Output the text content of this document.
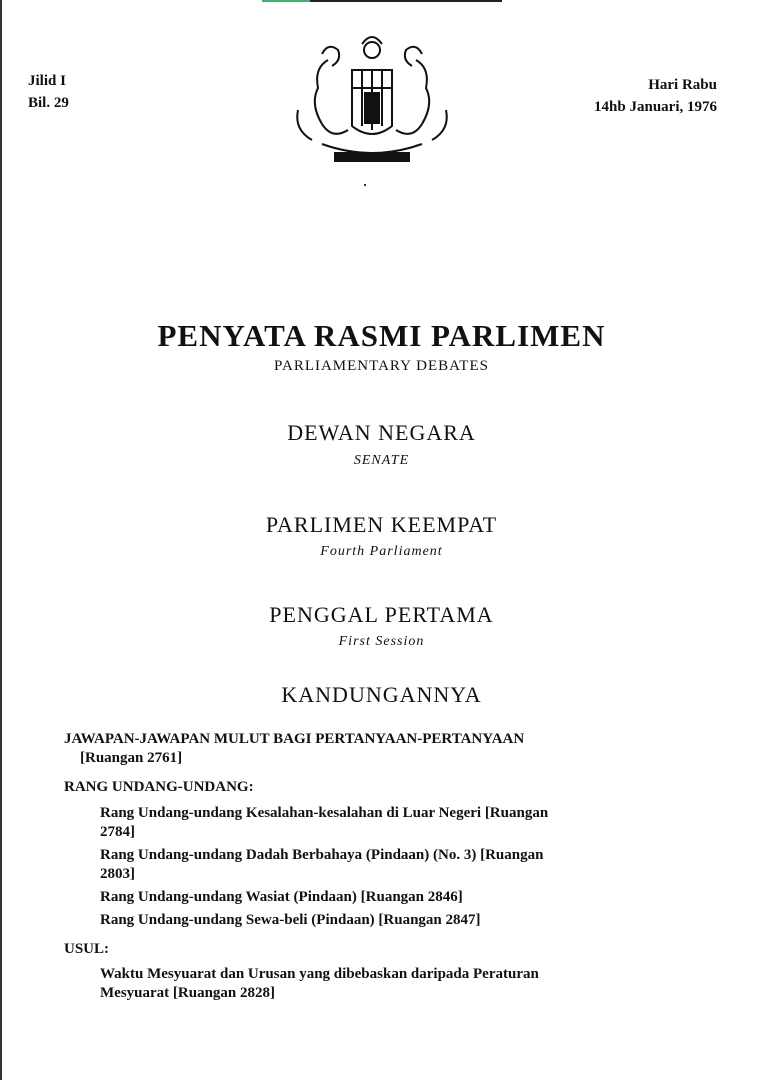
Jilid I
Bil. 29
Hari Rabu
14hb Januari, 1976
PENYATA RASMI PARLIMEN
PARLIAMENTARY DEBATES
DEWAN NEGARA
SENATE
PARLIMEN KEEMPAT
Fourth Parliament
PENGGAL PERTAMA
First Session
KANDUNGANNYA
JAWAPAN-JAWAPAN MULUT BAGI PERTANYAAN-PERTANYAAN
[Ruangan 2761]
RANG UNDANG-UNDANG:
Rang Undang-undang Kesalahan-kesalahan di Luar Negeri [Ruangan
2784]
Rang Undang-undang Dadah Berbahaya (Pindaan) (No. 3) [Ruangan
2803]
Rang Undang-undang Wasiat (Pindaan) [Ruangan 2846]
Rang Undang-undang Sewa-beli (Pindaan) [Ruangan 2847]
USUL:
Waktu Mesyuarat dan Urusan yang dibebaskan daripada Peraturan
Mesyuarat [Ruangan 2828]
